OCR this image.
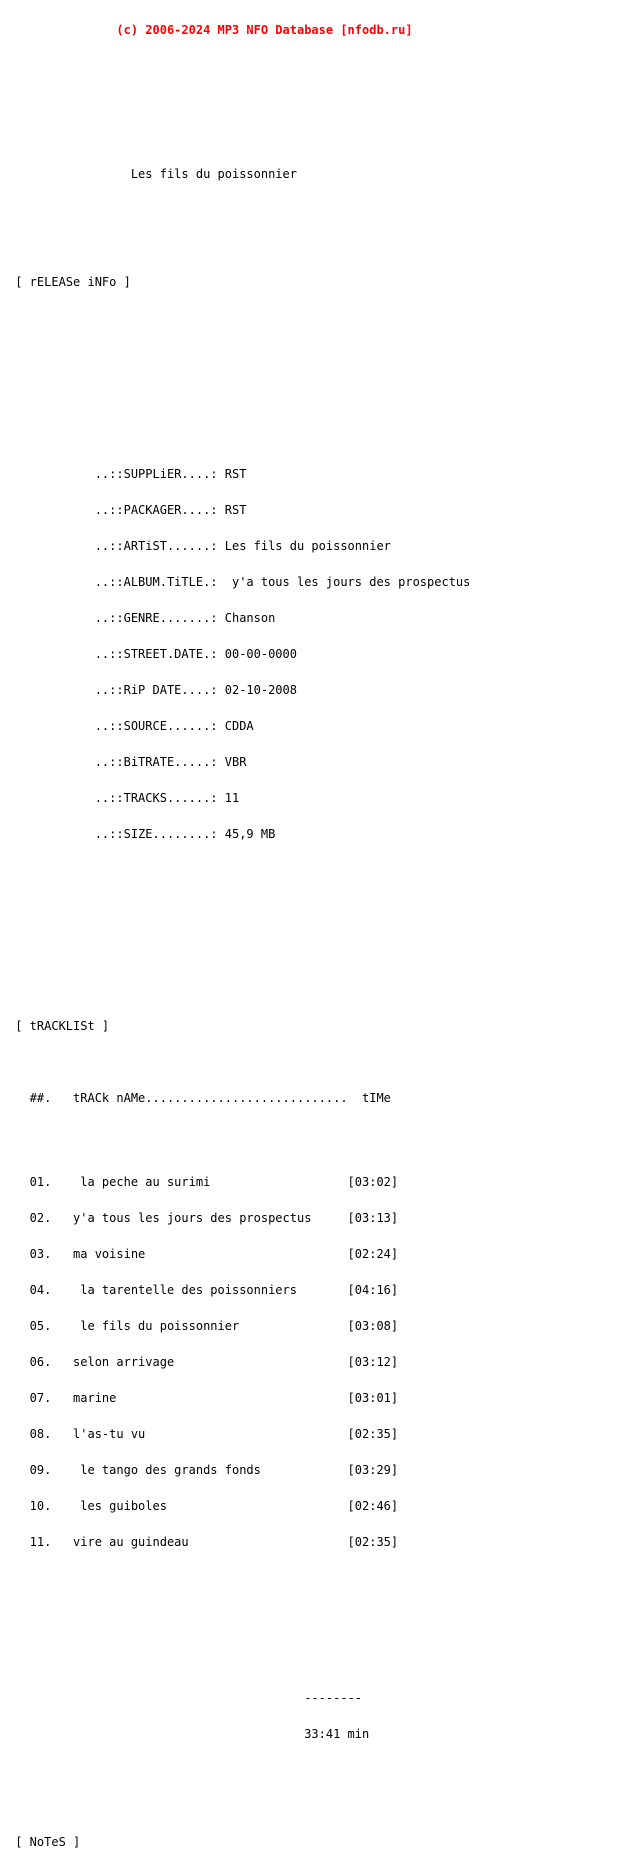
(c) 2006-2024 MP3 NFO Database [nfodb.ru]

Les fils du poissonnier

[ rELEASe iNFo ]

..::SUPPLiER....: RST

..::PACKAGER....: RST

..::ARTiST......: Les fils du poissonnier

..::ALBUM.TiTLE.:  y'a tous les jours des prospectus

..::GENRE.......: Chanson

..::STREET.DATE.: 00-00-0000

..::RiP DATE....: 02-10-2008

..::SOURCE......: CDDA

..::BiTRATE.....: VBR

..::TRACKS......: 11

..::SIZE........: 45,9 MB

[ tRACKLISt ]

##.   tRACk nAMe............................  tIMe

01.    la peche au surimi                   [03:02]

02.   y'a tous les jours des prospectus     [03:13]

03.   ma voisine                            [02:24]

04.    la tarentelle des poissonniers       [04:16]

05.    le fils du poissonnier               [03:08]

06.   selon arrivage                        [03:12]

07.   marine                                [03:01]

08.   l'as-tu vu                            [02:35]

09.    le tango des grands fonds            [03:29]

10.    les guiboles                         [02:46]

11.   vire au guindeau                      [02:35]

--------

33:41 min

[ NoTeS ]
